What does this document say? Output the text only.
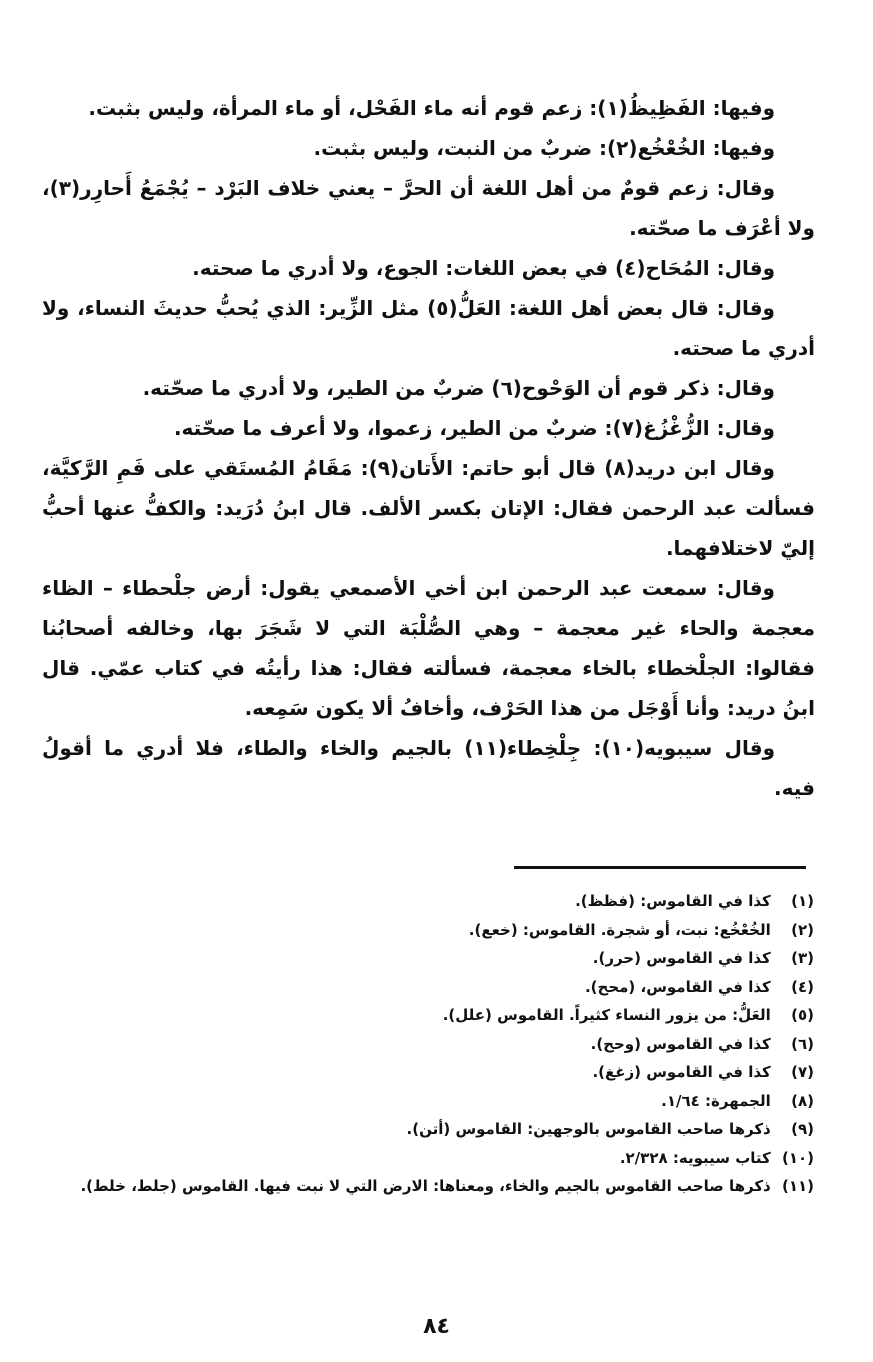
وفيها: الفَظِيظُ(١): زعم قوم أنه ماء الفَحْل، أو ماء المرأة، وليس بثبت.

وفيها: الخُعْخُع(٢): ضربٌ من النبت، وليس بثبت.

وقال: زعم قومٌ من أهل اللغة أن الحرَّ – يعني خلاف البَرْد – يُجْمَعُ أَحارِر(٣)، ولا أعْرَف ما صحّته.

وقال: المُحَاح(٤) في بعض اللغات: الجوع، ولا أدري ما صحته.

وقال: قال بعض أهل اللغة: العَلُّ(٥) مثل الزِّير: الذي يُحبُّ حديثَ النساء، ولا أدري ما صحته.

وقال: ذكر قوم أن الوَحْوح(٦) ضربٌ من الطير، ولا أدري ما صحّته.

وقال: الزُّغْزُغ(٧): ضربٌ من الطير، زعموا، ولا أعرف ما صحّته.

وقال ابن دريد(٨) قال أبو حاتم: الأَتان(٩): مَقَامُ المُستَقي على فَمِ الرَّكيَّة، فسألت عبد الرحمن فقال: الإتان بكسر الألف. قال ابنُ دُرَيد: والكفُّ عنها أحبُّ إليّ لاختلافهما.

وقال: سمعت عبد الرحمن ابن أخي الأصمعي يقول: أرض جلْحطاء – الظاء معجمة والحاء غير معجمة – وهي الصُّلْبَة التي لا شَجَرَ بها، وخالفه أصحابُنا فقالوا: الجلْخطاء بالخاء معجمة، فسألته فقال: هذا رأيتُه في كتاب عمّي. قال ابنُ دريد: وأنا أَوْجَل من هذا الحَرْف، وأخافُ ألا يكون سَمِعه.

وقال سيبويه(١٠): جِلْخِطاء(١١) بالجيم والخاء والطاء، فلا أدري ما أقولُ فيه.

(١) كذا في القاموس: (فظظ).

(٢) الخُعْخُع: نبت، أو شجرة. القاموس: (خعع).

(٣) كذا في القاموس (حرر).

(٤) كذا في القاموس، (محح).

(٥) العَلُّ: من يزور النساء كثيراً. القاموس (علل).

(٦) كذا في القاموس (وحح).

(٧) كذا في القاموس (زغغ).

(٨) الجمهرة: ١/٦٤.

(٩) ذكرها صاحب القاموس بالوجهين: القاموس (أتن).

(١٠) كتاب سيبويه: ٢/٣٢٨.

(١١) ذكرها صاحب القاموس بالجيم والخاء، ومعناها: الارض التي لا نبت فيها. القاموس (جلط، خلط).

٨٤
